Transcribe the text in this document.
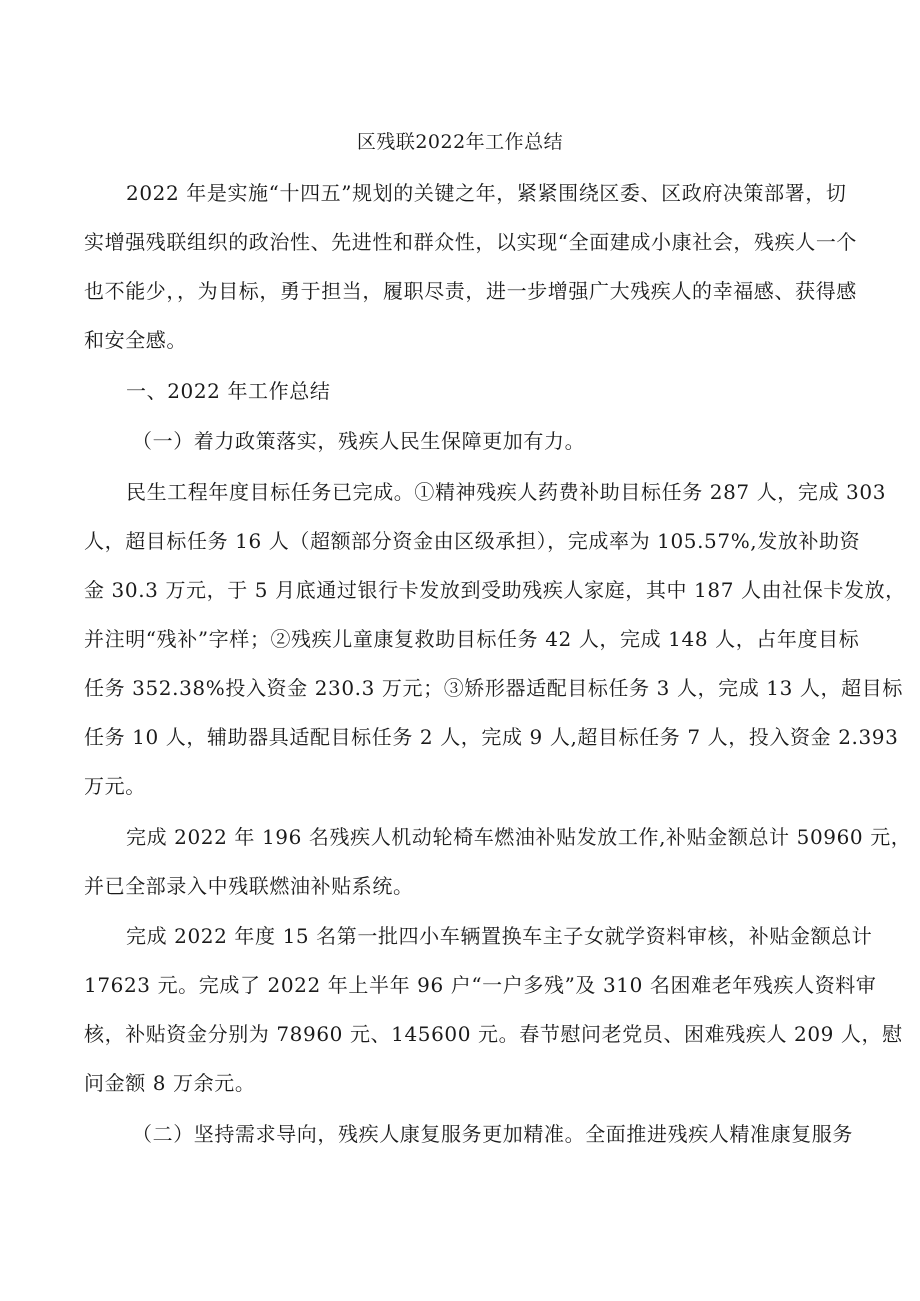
区残联2022年工作总结
2022 年是实施“十四五”规划的关键之年，紧紧围绕区委、区政府决策部署，切
实增强残联组织的政治性、先进性和群众性，以实现“全面建成小康社会，残疾人一个
也不能少，，为目标，勇于担当，履职尽责，进一步增强广大残疾人的幸福感、获得感
和安全感。
一、2022 年工作总结
（一）着力政策落实，残疾人民生保障更加有力。
民生工程年度目标任务已完成。①精神残疾人药费补助目标任务 287 人，完成 303
人，超目标任务 16 人（超额部分资金由区级承担），完成率为 105.57%,发放补助资
金 30.3 万元，于 5 月底通过银行卡发放到受助残疾人家庭，其中 187 人由社保卡发放，
并注明“残补”字样；②残疾儿童康复救助目标任务 42 人，完成 148 人，占年度目标
任务 352.38%投入资金 230.3 万元；③矫形器适配目标任务 3 人，完成 13 人，超目标
任务 10 人，辅助器具适配目标任务 2 人，完成 9 人,超目标任务 7 人，投入资金 2.393
万元。
完成 2022 年 196 名残疾人机动轮椅车燃油补贴发放工作,补贴金额总计 50960 元，
并已全部录入中残联燃油补贴系统。
完成 2022 年度 15 名第一批四小车辆置换车主子女就学资料审核，补贴金额总计
17623 元。完成了 2022 年上半年 96 户“一户多残”及 310 名困难老年残疾人资料审
核，补贴资金分别为 78960 元、145600 元。春节慰问老党员、困难残疾人 209 人，慰
问金额 8 万余元。
（二）坚持需求导向，残疾人康复服务更加精准。全面推进残疾人精准康复服务
